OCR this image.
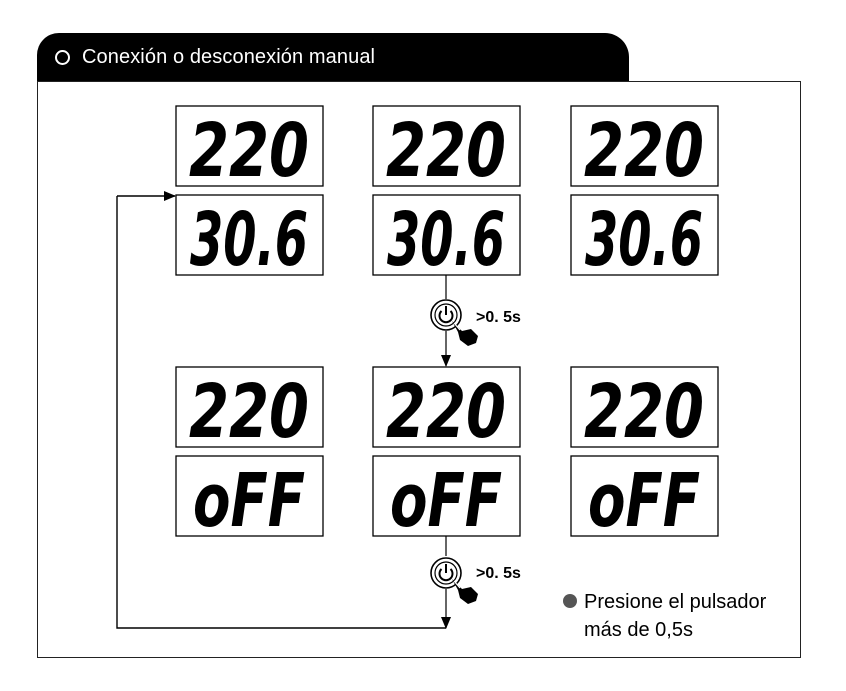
Conexión o desconexión manual
220
30.6
220
30.6
220
30.6
220
oFF
220
oFF
220
oFF
>0. 5s
>0. 5s
Presione el pulsador
más de 0,5s
